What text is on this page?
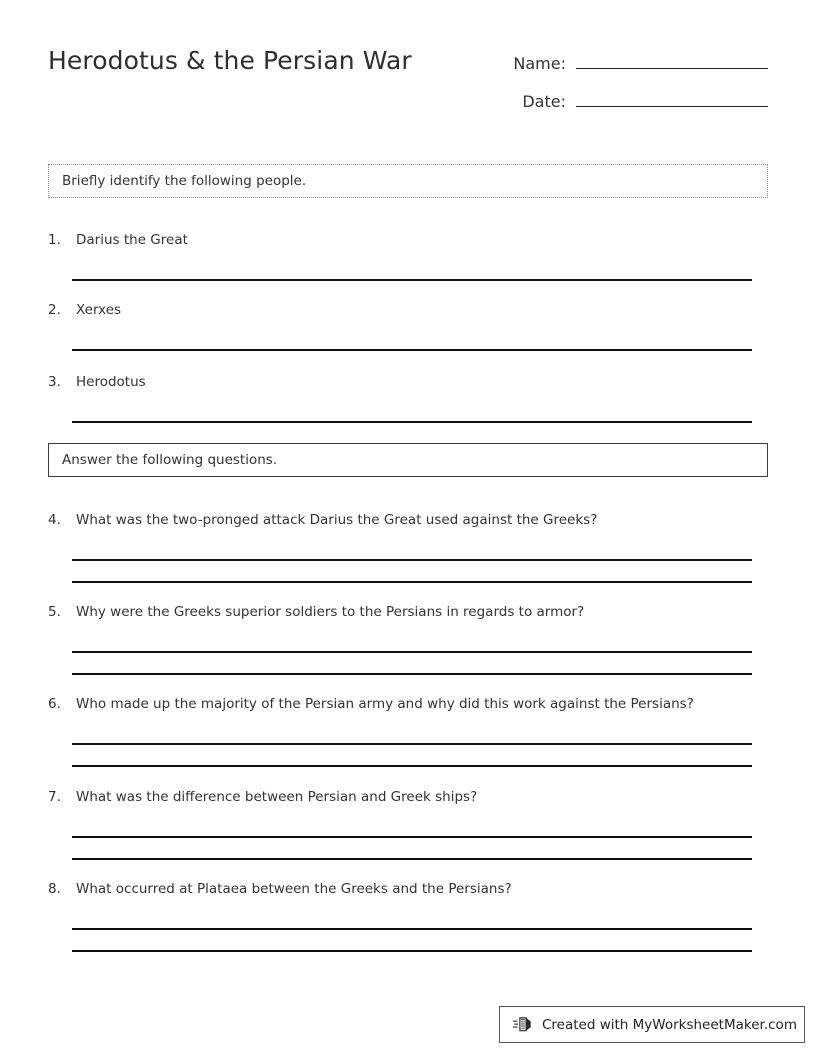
Herodotus & the Persian War	Name:
Date:
Briefly identify the following people.
1.	Darius the Great
2.	Xerxes
3.	Herodotus
Answer the following questions.
4.	What was the two-pronged attack Darius the Great used against the Greeks?
5.	Why were the Greeks superior soldiers to the Persians in regards to armor?
6.	Who made up the majority of the Persian army and why did this work against the Persians?
7.	What was the difference between Persian and Greek ships?
8.	What occurred at Plataea between the Greeks and the Persians?
Created with MyWorksheetMaker.com
